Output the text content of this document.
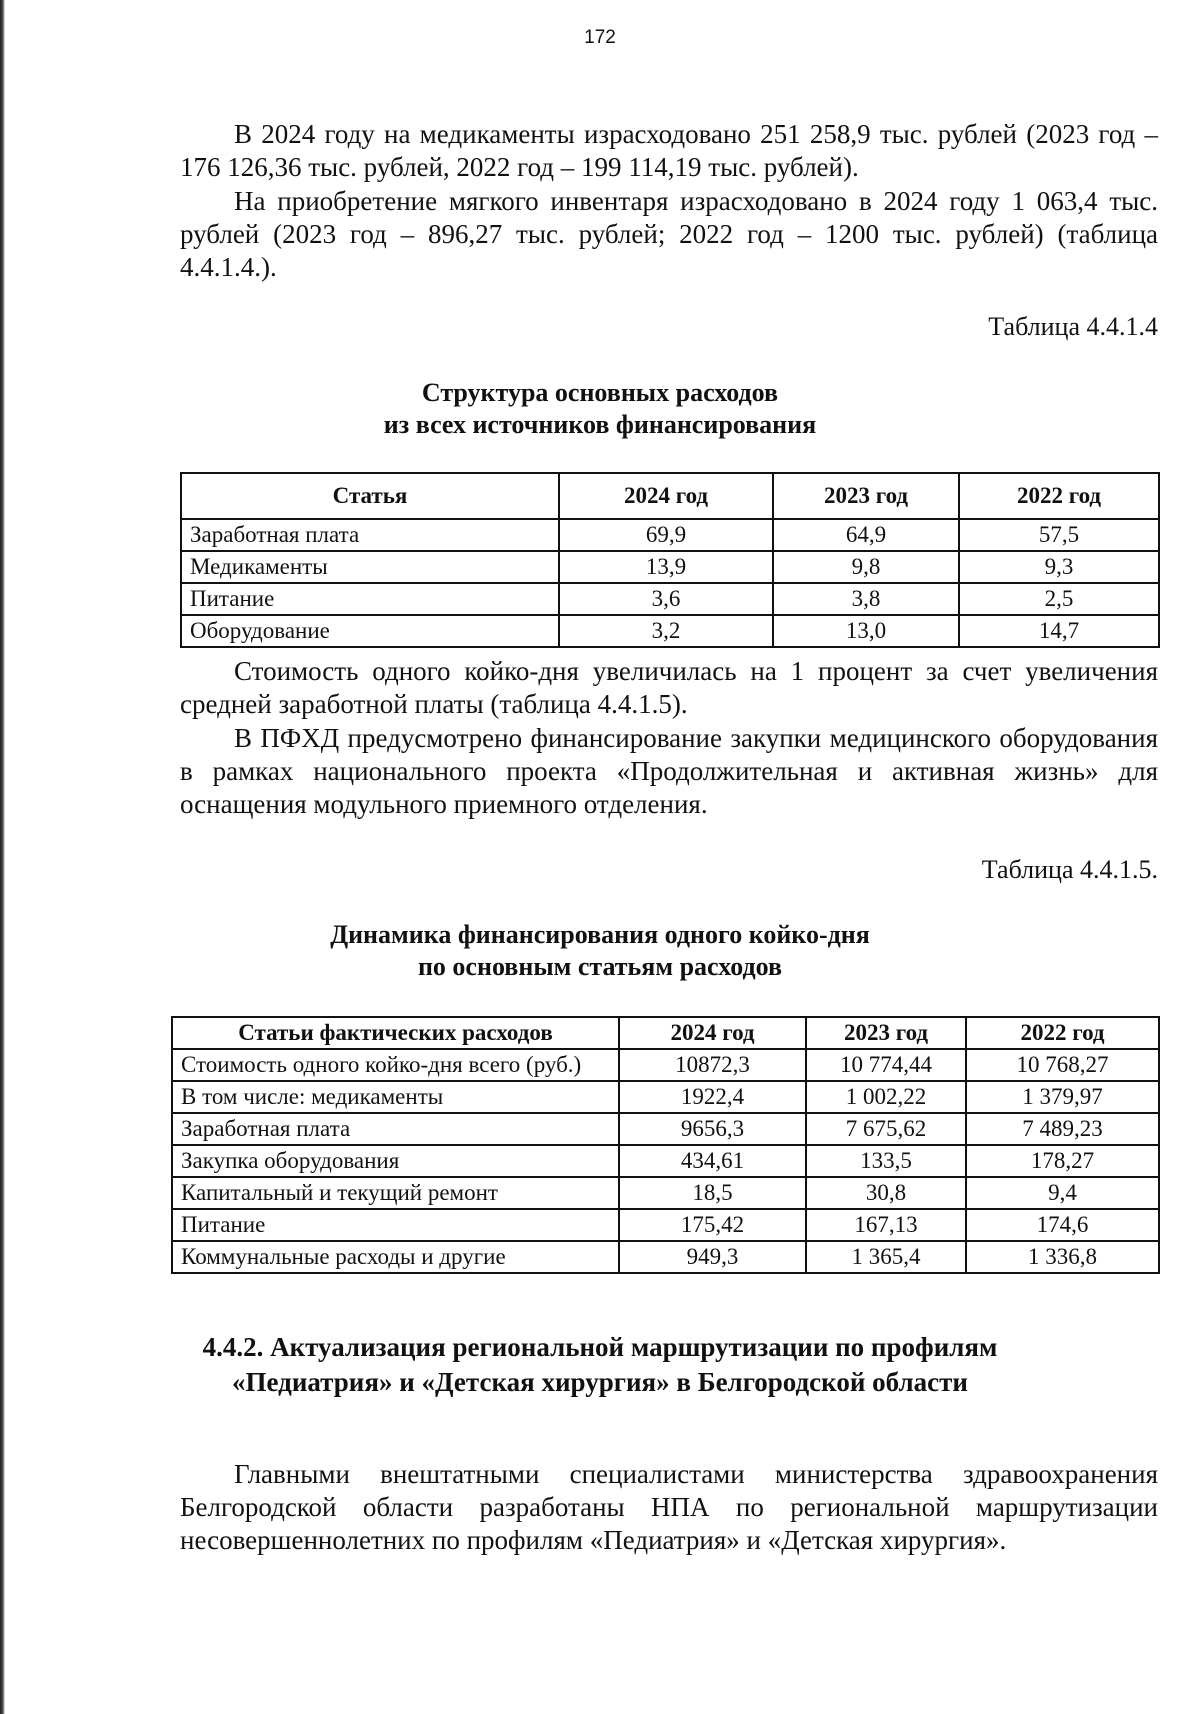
172

В 2024 году на медикаменты израсходовано 251 258,9 тыс. рублей (2023 год – 176 126,36 тыс. рублей, 2022 год – 199 114,19 тыс. рублей).

На приобретение мягкого инвентаря израсходовано в 2024 году 1 063,4 тыс. рублей (2023 год – 896,27 тыс. рублей; 2022 год – 1200 тыс. рублей) (таблица 4.4.1.4.).

Таблица 4.4.1.4

Структура основных расходов
из всех источников финансирования

Статья	2024 год	2023 год	2022 год
Заработная плата	69,9	64,9	57,5
Медикаменты	13,9	9,8	9,3
Питание	3,6	3,8	2,5
Оборудование	3,2	13,0	14,7

Стоимость одного койко-дня увеличилась на 1 процент за счет увеличения средней заработной платы (таблица 4.4.1.5).

В ПФХД предусмотрено финансирование закупки медицинского оборудования в рамках национального проекта «Продолжительная и активная жизнь» для оснащения модульного приемного отделения.

Таблица 4.4.1.5.

Динамика финансирования одного койко-дня
по основным статьям расходов

Статьи фактических расходов	2024 год	2023 год	2022 год
Стоимость одного койко-дня всего (руб.)	10872,3	10 774,44	10 768,27
В том числе: медикаменты	1922,4	1 002,22	1 379,97
Заработная плата	9656,3	7 675,62	7 489,23
Закупка оборудования	434,61	133,5	178,27
Капитальный и текущий ремонт	18,5	30,8	9,4
Питание	175,42	167,13	174,6
Коммунальные расходы и другие	949,3	1 365,4	1 336,8

4.4.2. Актуализация региональной маршрутизации по профилям
«Педиатрия» и «Детская хирургия» в Белгородской области

Главными внештатными специалистами министерства здравоохранения Белгородской области разработаны НПА по региональной маршрутизации несовершеннолетних по профилям «Педиатрия» и «Детская хирургия».
